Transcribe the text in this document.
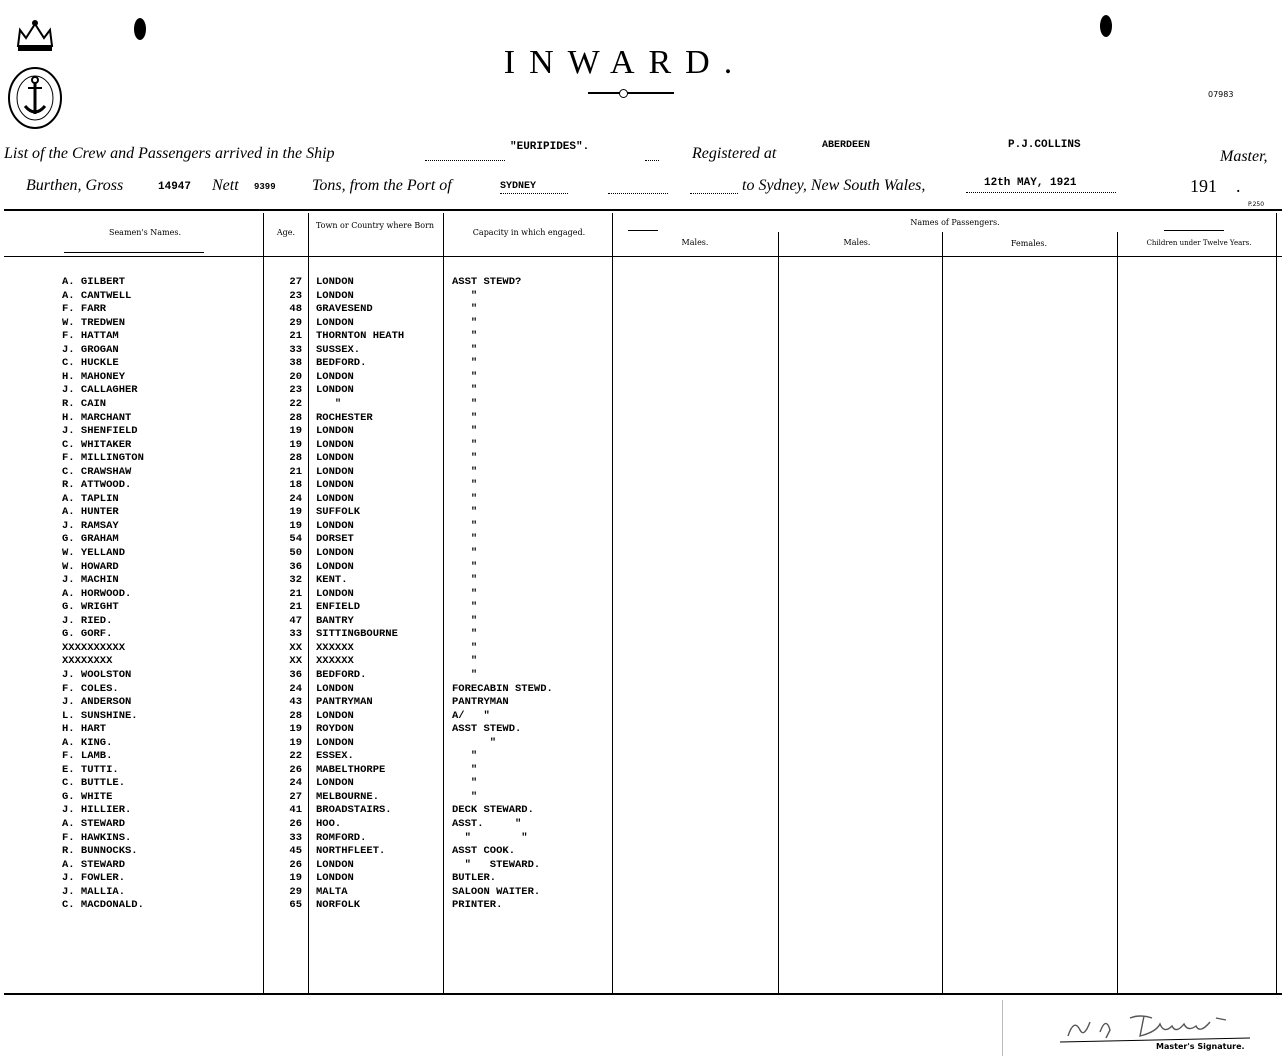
INWARD.
07983
List of the Crew and Passengers arrived in the Ship	"EURIPIDES".	Registered at	ABERDEEN	P.J.COLLINS
Master,
Burthen, Gross	14947 Nett 9399 Tons, from the Port of	SYDNEY	to Sydney, New South Wales,	12th MAY, 1921	191 .
P.250
Seamen's Names.	Age.
Town or Country where Born
Capacity in which engaged.
Names of Passengers.
Males.	Males.	Females.	Children under Twelve Years.
A. GILBERT	27 LONDON	ASST STEWD?
A. CANTWELL	23 LONDON	"
F. FARR	48 GRAVESEND	"
W. TREDWEN	29 LONDON	"
F. HATTAM	21 THORNTON HEATH	"
J. GROGAN	33 SUSSEX.	"
C. HUCKLE	38 BEDFORD.	"
H. MAHONEY	20 LONDON	"
J. CALLAGHER	23 LONDON	"
R. CAIN	22 "	"
H. MARCHANT	28 ROCHESTER	"
J. SHENFIELD	19 LONDON	"
C. WHITAKER	19 LONDON	"
F. MILLINGTON	28 LONDON	"
C. CRAWSHAW	21 LONDON	"
R. ATTWOOD.	18 LONDON	"
A. TAPLIN	24 LONDON	"
A. HUNTER	19 SUFFOLK	"
J. RAMSAY	19 LONDON	"
G. GRAHAM	54 DORSET	"
W. YELLAND	50 LONDON	"
W. HOWARD	36 LONDON	"
J. MACHIN	32 KENT.	"
A. HORWOOD.	21 LONDON	"
G. WRIGHT	21 ENFIELD	"
J. RIED.	47 BANTRY	"
G. GORF.	33 SITTINGBOURNE	"
XXXXXXXXXX	XX XXXXXX	"
XXXXXXXX	XX XXXXXX	"
J. WOOLSTON	36 BEDFORD.	"
F. COLES.	24 LONDON	FORECABIN STEWD.
J. ANDERSON	43 PANTRYMAN	PANTRYMAN
L. SUNSHINE.	28 LONDON	A/   "
H. HART	19 ROYDON	ASST STEWD.
A. KING.	19 LONDON	"
F. LAMB.	22 ESSEX.	"
E. TUTTI.	26 MABELTHORPE	"
C. BUTTLE.	24 LONDON	"
G. WHITE	27 MELBOURNE.	"
J. HILLIER.	41 BROADSTAIRS.	DECK STEWARD.
A. STEWARD	26 HOO.	ASST.     "
F. HAWKINS.	33 ROMFORD.	"        "
R. BUNNOCKS.	45 NORTHFLEET.	ASST COOK.
A. STEWARD	26 LONDON	"   STEWARD.
J. FOWLER.	19 LONDON	BUTLER.
J. MALLIA.	29 MALTA	SALOON WAITER.
C. MACDONALD.	65 NORFOLK	PRINTER.
Master's Signature.
